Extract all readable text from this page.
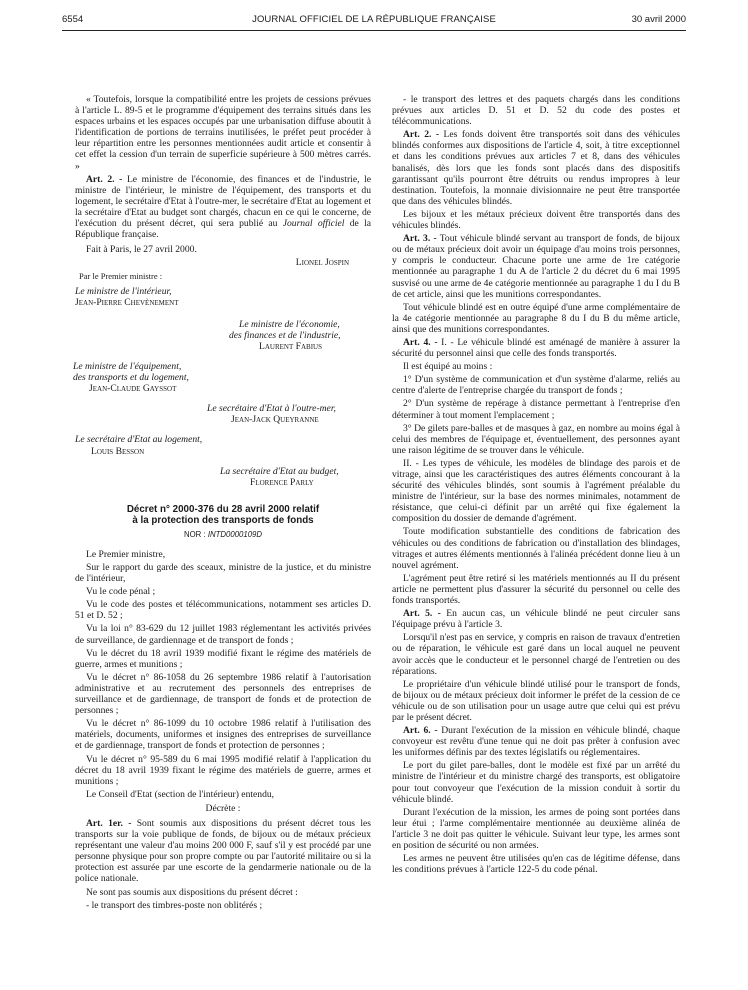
6554	JOURNAL OFFICIEL DE LA RÉPUBLIQUE FRANÇAISE	30 avril 2000

« Toutefois, lorsque la compatibilité entre les projets de cessions prévues à l'article L. 89-5 et le programme d'équipement des terrains situés dans les espaces urbains et les espaces occupés par une urbanisation diffuse aboutit à l'identification de portions de terrains inutilisées, le préfet peut procéder à leur répartition entre les personnes mentionnées audit article et consentir à cet effet la cession d'un terrain de superficie supérieure à 500 mètres carrés. »

Art. 2. - Le ministre de l'économie, des finances et de l'industrie, le ministre de l'intérieur, le ministre de l'équipement, des transports et du logement, le secrétaire d'Etat à l'outre-mer, le secrétaire d'Etat au logement et la secrétaire d'Etat au budget sont chargés, chacun en ce qui le concerne, de l'exécution du présent décret, qui sera publié au Journal officiel de la République française.

Fait à Paris, le 27 avril 2000.

Lionel Jospin
Par le Premier ministre :
Le ministre de l'intérieur,
Jean-Pierre Chevènement
Le ministre de l'économie,
des finances et de l'industrie,
Laurent Fabius
Le ministre de l'équipement,
des transports et du logement,
Jean-Claude Gayssot
Le secrétaire d'Etat à l'outre-mer,
Jean-Jack Queyranne
Le secrétaire d'Etat au logement,
Louis Besson
La secrétaire d'Etat au budget,
Florence Parly
Décret n° 2000-376 du 28 avril 2000 relatif
à la protection des transports de fonds
NOR : INTD0000109D

Le Premier ministre,

Sur le rapport du garde des sceaux, ministre de la justice, et du ministre de l'intérieur,

Vu le code pénal ;

Vu le code des postes et télécommunications, notamment ses articles D. 51 et D. 52 ;

Vu la loi n° 83-629 du 12 juillet 1983 réglementant les activités privées de surveillance, de gardiennage et de transport de fonds ;

Vu le décret du 18 avril 1939 modifié fixant le régime des matériels de guerre, armes et munitions ;

Vu le décret n° 86-1058 du 26 septembre 1986 relatif à l'autorisation administrative et au recrutement des personnels des entreprises de surveillance et de gardiennage, de transport de fonds et de protection de personnes ;

Vu le décret n° 86-1099 du 10 octobre 1986 relatif à l'utilisation des matériels, documents, uniformes et insignes des entreprises de surveillance et de gardiennage, transport de fonds et protection de personnes ;

Vu le décret n° 95-589 du 6 mai 1995 modifié relatif à l'application du décret du 18 avril 1939 fixant le régime des matériels de guerre, armes et munitions ;

Le Conseil d'Etat (section de l'intérieur) entendu,

Décrète :

Art. 1er. - Sont soumis aux dispositions du présent décret tous les transports sur la voie publique de fonds, de bijoux ou de métaux précieux représentant une valeur d'au moins 200 000 F, sauf s'il y est procédé par une personne physique pour son propre compte ou par l'autorité militaire ou si la protection est assurée par une escorte de la gendarmerie nationale ou de la police nationale.

Ne sont pas soumis aux dispositions du présent décret :

- le transport des timbres-poste non oblitérés ;

- le transport des lettres et des paquets chargés dans les conditions prévues aux articles D. 51 et D. 52 du code des postes et télécommunications.

Art. 2. - Les fonds doivent être transportés soit dans des véhicules blindés conformes aux dispositions de l'article 4, soit, à titre exceptionnel et dans les conditions prévues aux articles 7 et 8, dans des véhicules banalisés, dès lors que les fonds sont placés dans des dispositifs garantissant qu'ils pourront être détruits ou rendus impropres à leur destination. Toutefois, la monnaie divisionnaire ne peut être transportée que dans des véhicules blindés.

Les bijoux et les métaux précieux doivent être transportés dans des véhicules blindés.

Art. 3. - Tout véhicule blindé servant au transport de fonds, de bijoux ou de métaux précieux doit avoir un équipage d'au moins trois personnes, y compris le conducteur. Chacune porte une arme de 1re catégorie mentionnée au paragraphe 1 du A de l'article 2 du décret du 6 mai 1995 susvisé ou une arme de 4e catégorie mentionnée au paragraphe 1 du I du B de cet article, ainsi que les munitions correspondantes.

Tout véhicule blindé est en outre équipé d'une arme complémentaire de la 4e catégorie mentionnée au paragraphe 8 du I du B du même article, ainsi que des munitions correspondantes.

Art. 4. - I. - Le véhicule blindé est aménagé de manière à assurer la sécurité du personnel ainsi que celle des fonds transportés.

Il est équipé au moins :

1° D'un système de communication et d'un système d'alarme, reliés au centre d'alerte de l'entreprise chargée du transport de fonds ;

2° D'un système de repérage à distance permettant à l'entreprise d'en déterminer à tout moment l'emplacement ;

3° De gilets pare-balles et de masques à gaz, en nombre au moins égal à celui des membres de l'équipage et, éventuellement, des personnes ayant une raison légitime de se trouver dans le véhicule.

II. - Les types de véhicule, les modèles de blindage des parois et de vitrage, ainsi que les caractéristiques des autres éléments concourant à la sécurité des véhicules blindés, sont soumis à l'agrément préalable du ministre de l'intérieur, sur la base des normes minimales, notamment de résistance, que celui-ci définit par un arrêté qui fixe également la composition du dossier de demande d'agrément.

Toute modification substantielle des conditions de fabrication des véhicules ou des conditions de fabrication ou d'installation des blindages, vitrages et autres éléments mentionnés à l'alinéa précédent donne lieu à un nouvel agrément.

L'agrément peut être retiré si les matériels mentionnés au II du présent article ne permettent plus d'assurer la sécurité du personnel ou celle des fonds transportés.

Art. 5. - En aucun cas, un véhicule blindé ne peut circuler sans l'équipage prévu à l'article 3.

Lorsqu'il n'est pas en service, y compris en raison de travaux d'entretien ou de réparation, le véhicule est garé dans un local auquel ne peuvent avoir accès que le conducteur et le personnel chargé de l'entretien ou des réparations.

Le propriétaire d'un véhicule blindé utilisé pour le transport de fonds, de bijoux ou de métaux précieux doit informer le préfet de la cession de ce véhicule ou de son utilisation pour un usage autre que celui qui est prévu par le présent décret.

Art. 6. - Durant l'exécution de la mission en véhicule blindé, chaque convoyeur est revêtu d'une tenue qui ne doit pas prêter à confusion avec les uniformes définis par des textes législatifs ou réglementaires.

Le port du gilet pare-balles, dont le modèle est fixé par un arrêté du ministre de l'intérieur et du ministre chargé des transports, est obligatoire pour tout convoyeur que l'exécution de la mission conduit à sortir du véhicule blindé.

Durant l'exécution de la mission, les armes de poing sont portées dans leur étui ; l'arme complémentaire mentionnée au deuxième alinéa de l'article 3 ne doit pas quitter le véhicule. Suivant leur type, les armes sont en position de sécurité ou non armées.

Les armes ne peuvent être utilisées qu'en cas de légitime défense, dans les conditions prévues à l'article 122-5 du code pénal.
